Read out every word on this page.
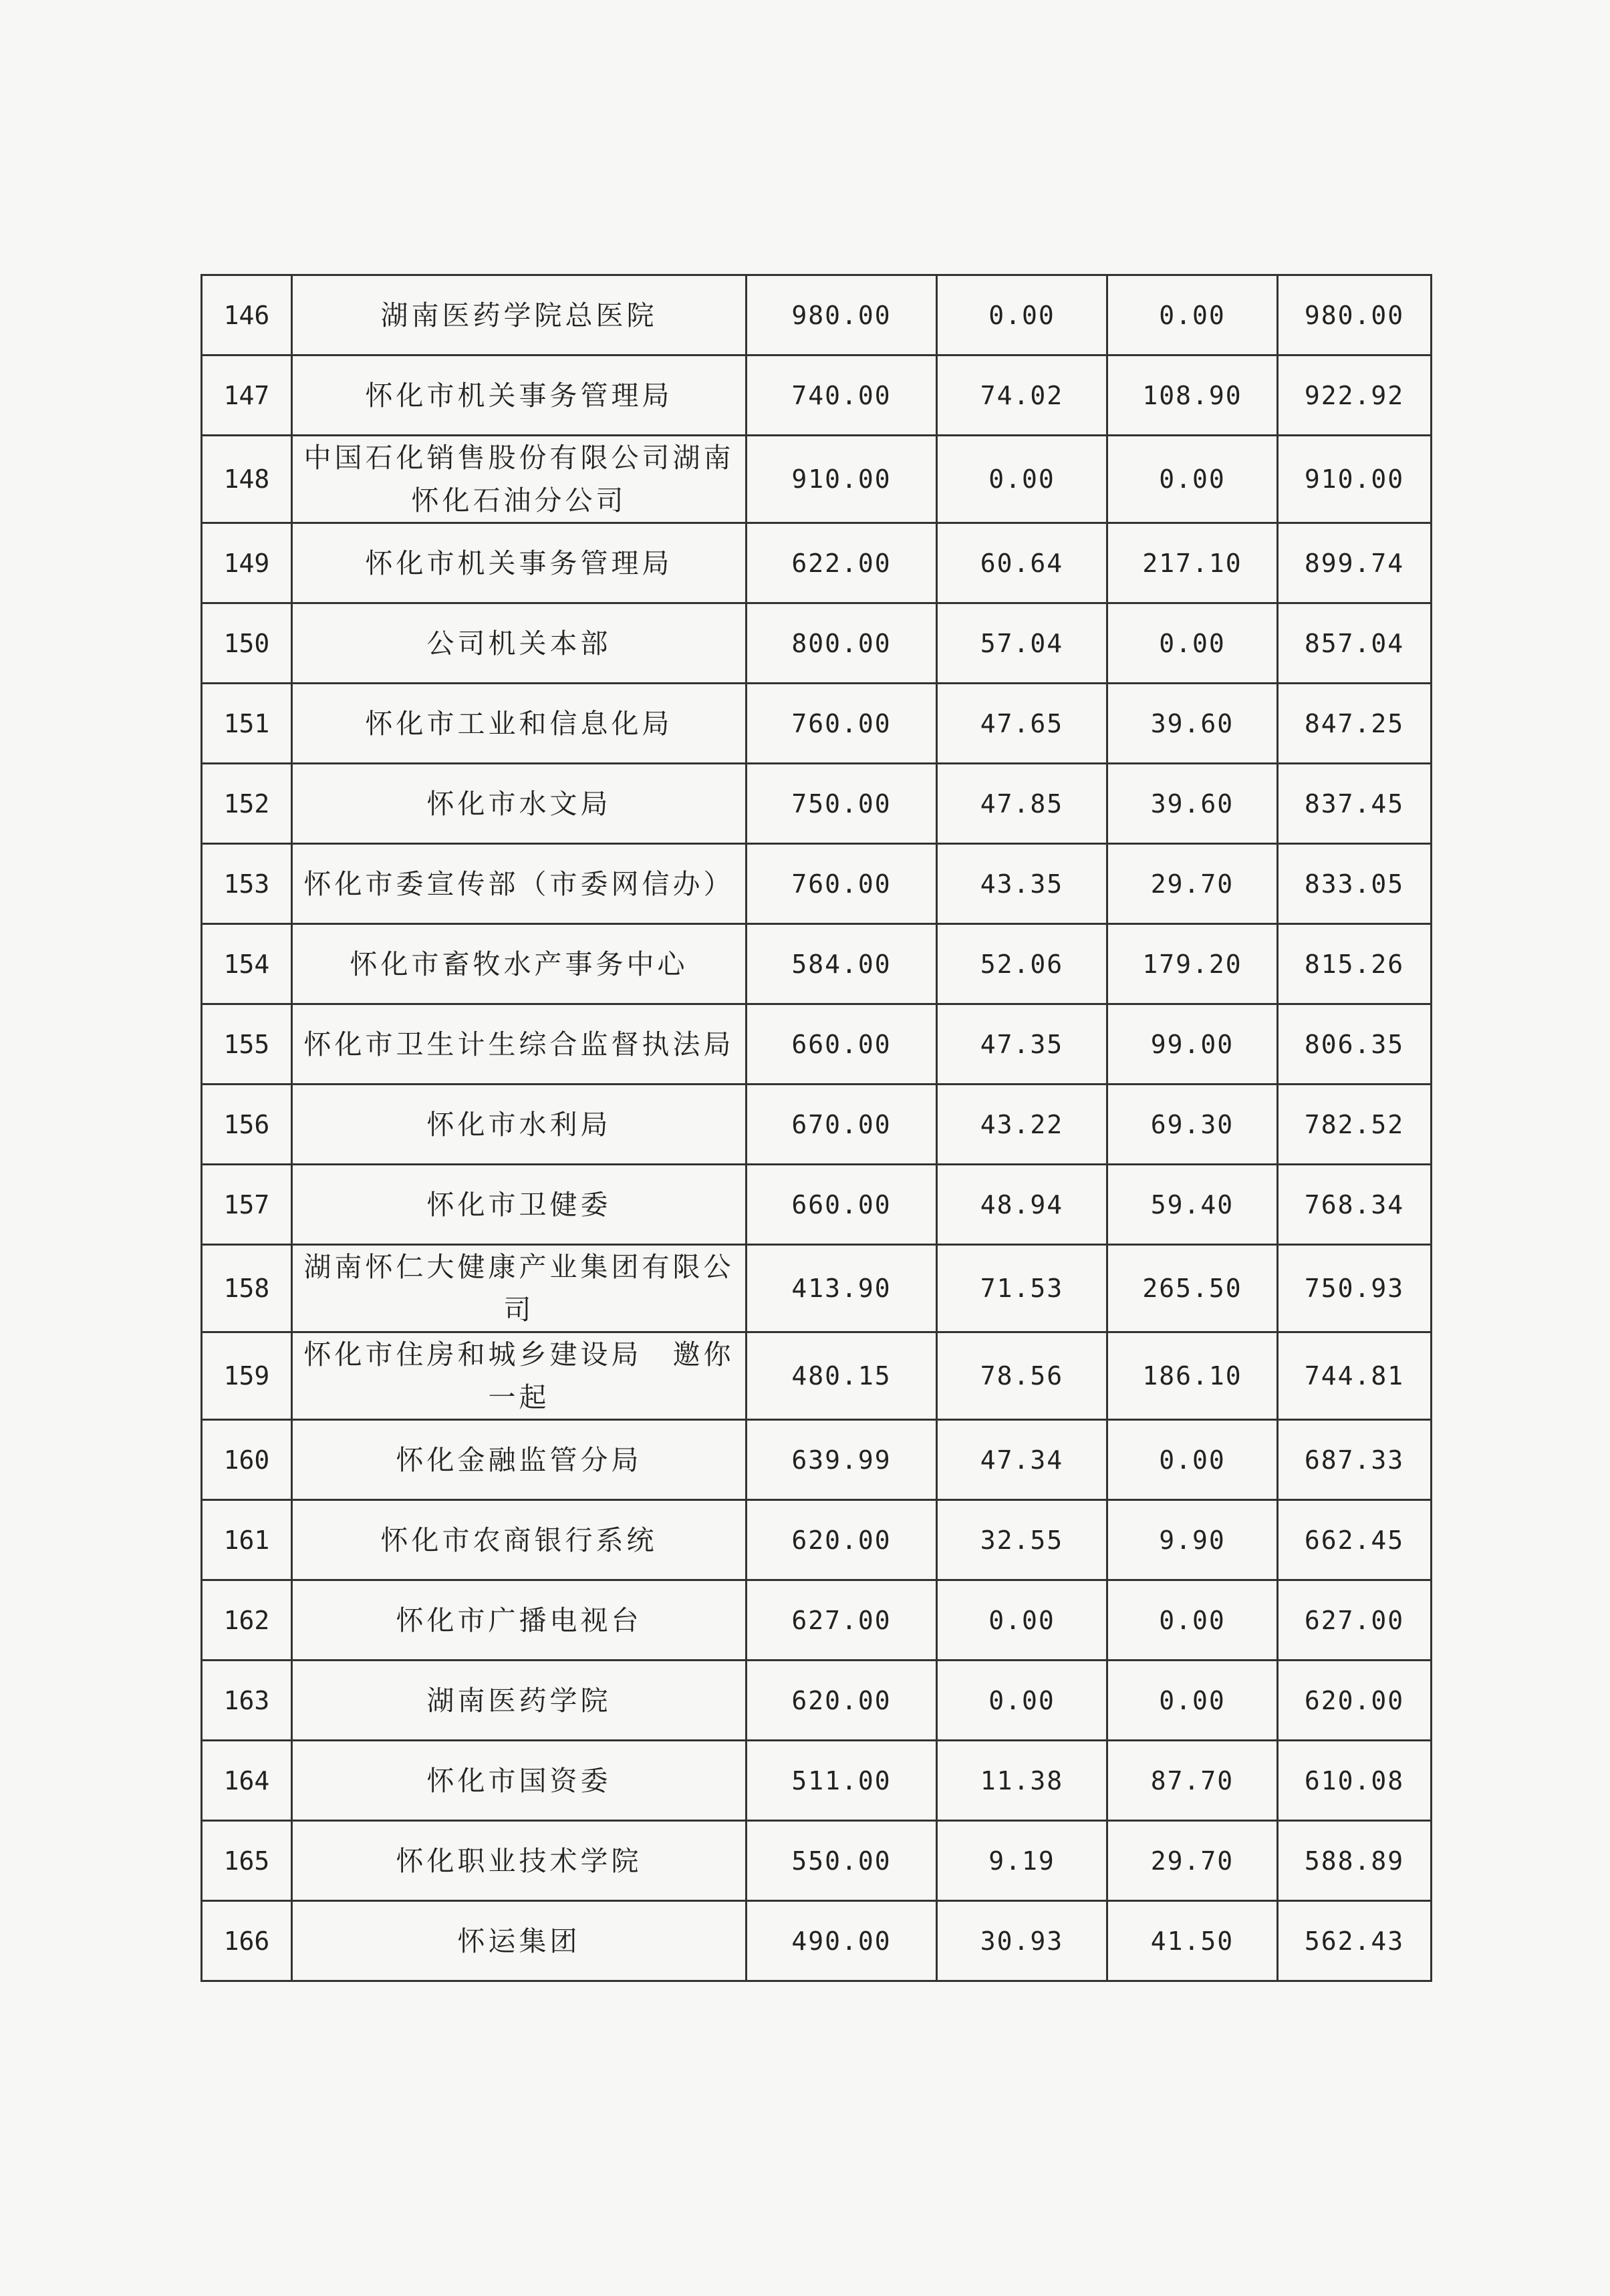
146	湖南医药学院总医院	980.00	0.00	0.00	980.00
147	怀化市机关事务管理局	740.00	74.02	108.90	922.92
148	中国石化销售股份有限公司湖南怀化石油分公司	910.00	0.00	0.00	910.00
149	怀化市机关事务管理局	622.00	60.64	217.10	899.74
150	公司机关本部	800.00	57.04	0.00	857.04
151	怀化市工业和信息化局	760.00	47.65	39.60	847.25
152	怀化市水文局	750.00	47.85	39.60	837.45
153	怀化市委宣传部（市委网信办）	760.00	43.35	29.70	833.05
154	怀化市畜牧水产事务中心	584.00	52.06	179.20	815.26
155	怀化市卫生计生综合监督执法局	660.00	47.35	99.00	806.35
156	怀化市水利局	670.00	43.22	69.30	782.52
157	怀化市卫健委	660.00	48.94	59.40	768.34
158	湖南怀仁大健康产业集团有限公司	413.90	71.53	265.50	750.93
159	怀化市住房和城乡建设局　邀你一起	480.15	78.56	186.10	744.81
160	怀化金融监管分局	639.99	47.34	0.00	687.33
161	怀化市农商银行系统	620.00	32.55	9.90	662.45
162	怀化市广播电视台	627.00	0.00	0.00	627.00
163	湖南医药学院	620.00	0.00	0.00	620.00
164	怀化市国资委	511.00	11.38	87.70	610.08
165	怀化职业技术学院	550.00	9.19	29.70	588.89
166	怀运集团	490.00	30.93	41.50	562.43
